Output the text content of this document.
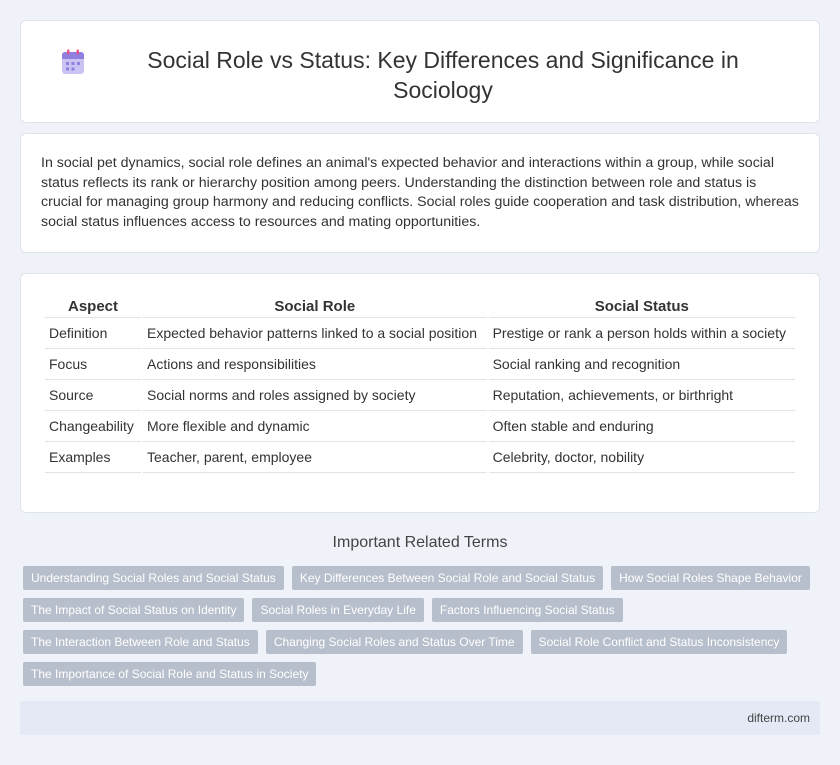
Social Role vs Status: Key Differences and Significance in Sociology

In social pet dynamics, social role defines an animal's expected behavior and interactions within a group, while social status reflects its rank or hierarchy position among peers. Understanding the distinction between role and status is crucial for managing group harmony and reducing conflicts. Social roles guide cooperation and task distribution, whereas social status influences access to resources and mating opportunities.

Aspect	Social Role	Social Status
Definition	Expected behavior patterns linked to a social position	Prestige or rank a person holds within a society
Focus	Actions and responsibilities	Social ranking and recognition
Source	Social norms and roles assigned by society	Reputation, achievements, or birthright
Changeability	More flexible and dynamic	Often stable and enduring
Examples	Teacher, parent, employee	Celebrity, doctor, nobility
Important Related Terms
Understanding Social Roles and Social Status	Key Differences Between Social Role and Social Status	How Social Roles Shape Behavior
The Impact of Social Status on Identity	Social Roles in Everyday Life	Factors Influencing Social Status
The Interaction Between Role and Status	Changing Social Roles and Status Over Time	Social Role Conflict and Status Inconsistency
The Importance of Social Role and Status in Society
difterm.com
